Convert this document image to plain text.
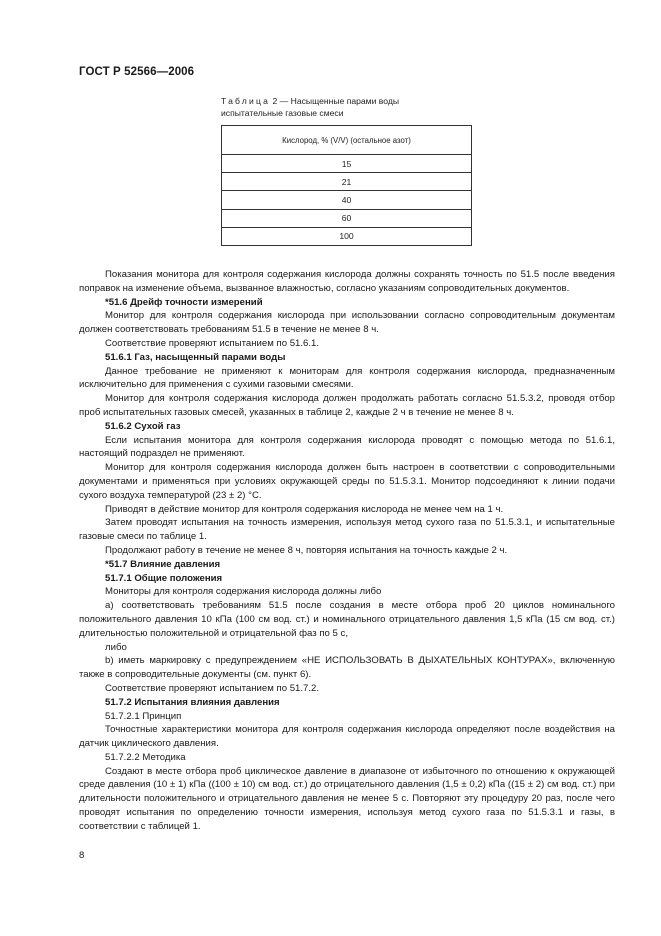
ГОСТ Р 52566—2006
Таблица 2 — Насыщенные парами воды
испытательные газовые смеси
Кислород, % (V/V) (остальное азот)
15
21
40
60
100

Показания монитора для контроля содержания кислорода должны сохранять точность по 51.5 после введения поправок на изменение объема, вызванное влажностью, согласно указаниям сопроводительных документов.

*51.6 Дрейф точности измерений

Монитор для контроля содержания кислорода при использовании согласно сопроводительным документам должен соответствовать требованиям 51.5 в течение не менее 8 ч.

Соответствие проверяют испытанием по 51.6.1.

51.6.1 Газ, насыщенный парами воды

Данное требование не применяют к мониторам для контроля содержания кислорода, предназначенным исключительно для применения с сухими газовыми смесями.

Монитор для контроля содержания кислорода должен продолжать работать согласно 51.5.3.2, проводя отбор проб испытательных газовых смесей, указанных в таблице 2, каждые 2 ч в течение не менее 8 ч.

51.6.2 Сухой газ

Если испытания монитора для контроля содержания кислорода проводят с помощью метода по 51.6.1, настоящий подраздел не применяют.

Монитор для контроля содержания кислорода должен быть настроен в соответствии с сопроводительными документами и применяться при условиях окружающей среды по 51.5.3.1. Монитор подсоединяют к линии подачи сухого воздуха температурой (23 ± 2) °С.

Приводят в действие монитор для контроля содержания кислорода не менее чем на 1 ч.

Затем проводят испытания на точность измерения, используя метод сухого газа по 51.5.3.1, и испытательные газовые смеси по таблице 1.

Продолжают работу в течение не менее 8 ч, повторяя испытания на точность каждые 2 ч.

*51.7 Влияние давления

51.7.1 Общие положения

Мониторы для контроля содержания кислорода должны либо

a) соответствовать требованиям 51.5 после создания в месте отбора проб 20 циклов номинального положительного давления 10 кПа (100 см вод. ст.) и номинального отрицательного давления 1,5 кПа (15 см вод. ст.) длительностью положительной и отрицательной фаз по 5 с,

либо

b) иметь маркировку с предупреждением «НЕ ИСПОЛЬЗОВАТЬ В ДЫХАТЕЛЬНЫХ КОНТУРАХ», включенную также в сопроводительные документы (см. пункт 6).

Соответствие проверяют испытанием по 51.7.2.

51.7.2 Испытания влияния давления

51.7.2.1 Принцип

Точностные характеристики монитора для контроля содержания кислорода определяют после воздействия на датчик циклического давления.

51.7.2.2 Методика

Создают в месте отбора проб циклическое давление в диапазоне от избыточного по отношению к окружающей среде давления (10 ± 1) кПа ((100 ± 10) см вод. ст.) до отрицательного давления (1,5 ± 0,2) кПа ((15 ± 2) см вод. ст.) при длительности положительного и отрицательного давления не менее 5 с. Повторяют эту процедуру 20 раз, после чего проводят испытания по определению точности измерения, используя метод сухого газа по 51.5.3.1 и газы, в соответствии с таблицей 1.

8
